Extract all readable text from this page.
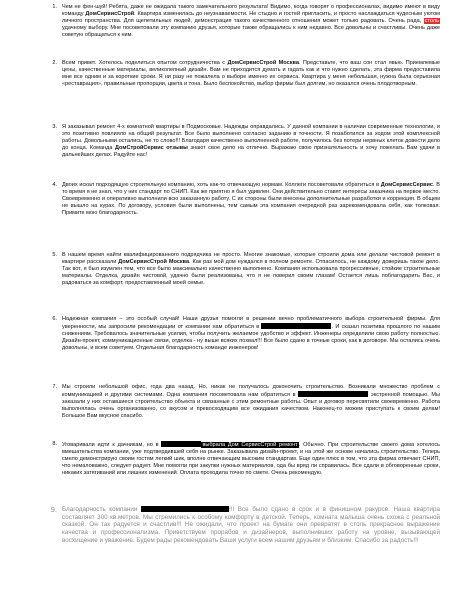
1. Чем не фен-шуй! Ребята, даже не ожидала такого замечательного результата! Видимо, когда говорят о профессионалах, видимо имеют в виду команду ДомСервисСтрой. Квартира изменилась до неузнаваемости. Не стыдно и гостей пригласить, и просто наслаждаться чудесным уютом личного пространства. Для щепетильных людей, демонстрация такого качественного отношения может только радовать. Очень рада, столь удачному выбору. Мне посоветовали эту компанию друзья, которые также обращались к ним недавно. Все довольны и счастливы. Очень даже советую обращаться к ним.
2. Всем привет. Хотелось поделиться опытом сотрудничества с ДомСервисСтрой Москва. Представьте, что ваш сон стал явью. Приемлемые цены, качественные материалы, великолепный дизайн. Вам не приходится думать и гадать как и что нужно сделать, эта фирма предоставила мне все одним и за короткие сроки. Я ни разу не пожалела о выборе именно их сервиса. Квартира у меня небольшая, нужна была серьезная «реставрация», правильные пропорции, цвета и тона. Было беспокойство, выбор фирмы был долгим, но оказался очень плодотворным.
3. Я заказывал ремонт 4-х комнатной квартиры в Подмосковье. Надежды оправдались. У данной компании в наличии современные технологии, и это позитивно повлияло на общий результат. Все было выполнено согласно заданию в точности. Я позаботился за ходом этой комплексной работы. Довольными остались, не то слово!!! Благодаря качественно выполненной работе, получилось без потери нервных клеток довести дело до конца. Команда ДомСтройСервис отзывы знают свое дело на отлично. Выражаю свою признательность и хочу пожелать Вам удачи в дальнейших делах. Радуйте нас!
4. Двоих искал подходящую строительную компанию, хоть как-то отвечающую нормам. Коллеги посоветовали обратиться в ДомСервисСервис. В то время я не знал, что у них стандарт по СНИП. Как же приятно я был удивлен. Они действительно ставят интересы заказчика на первое место. Своевременно и оперативно выполнили всю заказанную работу. С их стороны были внесены дополнительные разработки и коррекция. В общем не вышло на курах. По договору, условия были выполнены, тем самым эта компания очередной раз зарекомендовала себя, как толковая. Примите мою благодарность.
5. В нашем время найти квалифицированного подрядчика не просто. Многие знакомые, которые строили дома или делали чистовой ремонт в квартире рассказали ДомСервисСтрой Москва. Как раз мой дом нуждался в полном ремонте. Отпасилось, не каждому доверишь такое дело. Так вот, я был изумлен тем, что все было максимально качественно выполнено. Компания использовала прогрессивные, стойкие строительные материалы. Отделка, дизайн чистовой, удачно были реализованы, что я не поверил своим глазам! Остается лишь поблагодарить Вас, и радоваться за комфорт, предоставленный моей семье.
6. Надежная компания – это особый случай! Наши друзья помогли в решении вечно проблематичного выбора строительной фирмы. Для уверенности, мы запросили рекомендации от компании нам обратиться в	. И сказал позитива прошлого по нашим снижениям. Требовалось значительные усилия, чтобы получить желаемое удобство и эффект. Инженеры определили свою работу полностью. Дизайн-проект, коммуникационные связи, отделка - ну выше всяких похвал!!! Все было сдано в точные сроки, как в договоре. Мы остались очень довольны, и всем советуем. Отдельная благодарность команде инженеров!
7. Мы строили небольшой офис, года два назад. Но, никак не получалось доконочить строительство. Возникали множество проблем с коммуникацией и другими системами. Одна компания посоветовала нам обратиться в	экстренной помощью. Мы заказали у них оставшиеся строительство объекта и связанные с этим ремонтные работы. Опыт и договор пересвятили своевременно. Работа выполнялась очень организованно, со вкусом и превосходящим все ожидания качеством. Наконец-то можем приступать к своим делам! Большое Вам вкусное спасибо.
8. Уговаривали идти к дачникам, но в	выбрала Дом СервисСтрой ремонт. Обычно. При строительстве своего дома хотелось вмешательства компании, уже подтвердившей себя на рынке. Заказывала дизайн-проект, и на этой же основе начались строительство. Теперь смело демонстрирую своим гостям легкий шик, вполне отвечающим высоким стандартам. Еще один плюс в том, что эта фирма отвечает СНИП, что немаловажно, следует радует. Мне помогли при закупки нужных материалов, ода бы вряд ли справилась. Все сдали в обговоренные сроки, никаких затягиваний или лишних изменений. Оплата проходила точно по смете. Очень рекомендую.
9. Благодарность компании	!!! Все было сдано в срок и в финишном ракурсе. Наша квартира составляет 300 кв.метров. Мы стремились к особому комфорту в детской. Теперь, комната малыша очень схожа с реальной сказкой. Он так радуется и счастлив!!! Не ожидали, что проект на бумаге они превратят в столь прекрасное выражение качества и профессионализма. Приветствуем прорабов и дизайнеров, выполнивших работу на уровне, вызывающей восхищение и уважение. Будем рады рекомендовать Ваши услуги всем нашим друзьям и близким. Спасибо за радость!!!
